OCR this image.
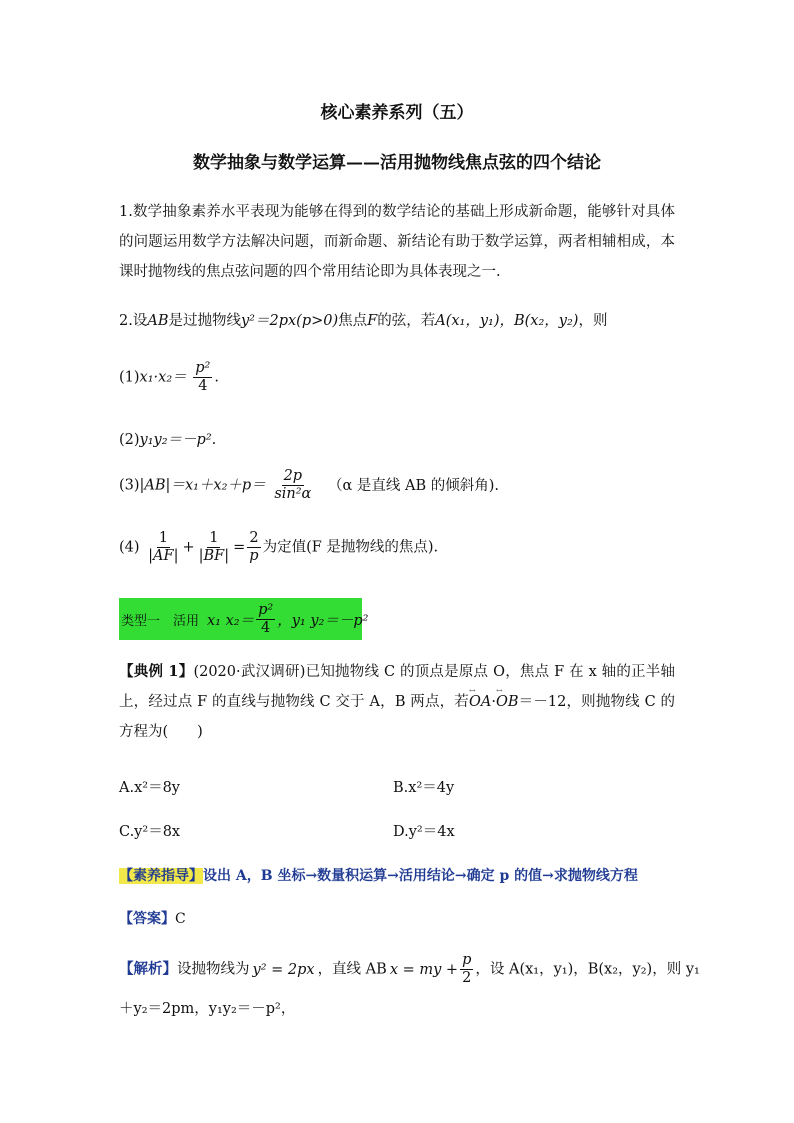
核心素养系列（五）
数学抽象与数学运算——活用抛物线焦点弦的四个结论
1.数学抽象素养水平表现为能够在得到的数学结论的基础上形成新命题，能够针对具体的问题运用数学方法解决问题，而新命题、新结论有助于数学运算，两者相辅相成，本课时抛物线的焦点弦问题的四个常用结论即为具体表现之一.
2.设AB是过抛物线y²＝2px(p>0)焦点F的弦，若A(x₁，y₁)，B(x₂，y₂)，则
$(1)x_1\cdot x_2= \frac{\text{p²}}{4}$ .
(2)y₁y₂＝－p².
$(3)|AB|=x_1+x_2+p= \frac{2p}{\text{sin²α}} (\alpha$ 是直线 AB 的倾斜角).
$(4) \frac{1}{|AF|} + \frac{1}{|BF|} = \frac{2}{p}$ 为定值(F 是抛物线的焦点).
类型一　活用 x₁ $x_2= \frac{\text{p²}}{4}$ ，y₁ y₂＝－p²
【典例 1】(2020·武汉调研)已知抛物线 C 的顶点是原点 O，焦点 F 在 x 轴的正半轴上，经过点 F 的直线与抛物线 C 交于 A，B 两点，若↔ OA·↔ OB＝－12，则抛物线 C 的方程为(　　)
A.x²＝8y	B.x²＝4y
C.y²＝8x	D.y²＝4x
【素养指导】设出 A，B 坐标→数量积运算→活用结论→确定 p 的值→求抛物线方程
【答案】C
【解析】设抛物线为 y² = 2px ，直线 AB x = my + $\frac{p}{2}$ ，设 A(x₁，y₁)，B(x₂，y₂)，则 y₁
＋y₂＝2pm，y₁y₂＝－p²，
